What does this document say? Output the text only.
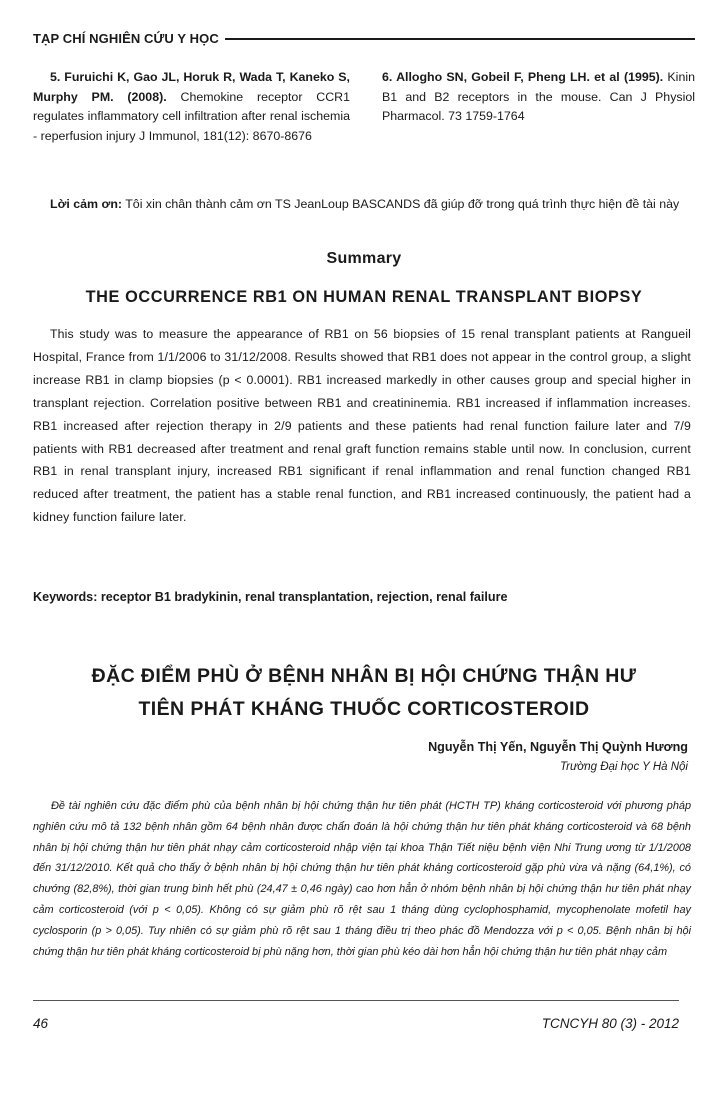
TẠP CHÍ NGHIÊN CỨU Y HỌC

5. Furuichi K, Gao JL, Horuk R, Wada T, Kaneko S, Murphy PM. (2008). Chemokine receptor CCR1 regulates inflammatory cell infiltration after renal ischemia - reperfusion injury J Immunol, 181(12): 8670-8676

6. Allogho SN, Gobeil F, Pheng LH. et al (1995). Kinin B1 and B2 receptors in the mouse. Can J Physiol Pharmacol. 73 1759-1764

Lời cảm ơn: Tôi xin chân thành cảm ơn TS JeanLoup BASCANDS đã giúp đỡ trong quá trình thực hiện đề tài này

Summary
THE OCCURRENCE RB1 ON HUMAN RENAL TRANSPLANT BIOPSY

This study was to measure the appearance of RB1 on 56 biopsies of 15 renal transplant patients at Rangueil Hospital, France from 1/1/2006 to 31/12/2008. Results showed that RB1 does not appear in the control group, a slight increase RB1 in clamp biopsies (p < 0.0001). RB1 increased markedly in other causes group and special higher in transplant rejection. Correlation positive between RB1 and creatininemia. RB1 increased if inflammation increases. RB1 increased after rejection therapy in 2/9 patients and these patients had renal function failure later and 7/9 patients with RB1 decreased after treatment and renal graft function remains stable until now. In conclusion, current RB1 in renal transplant injury, increased RB1 significant if renal inflammation and renal function changed RB1 reduced after treatment, the patient has a stable renal function, and RB1 increased continuously, the patient had a kidney function failure later.

Keywords: receptor B1 bradykinin, renal transplantation, rejection, renal failure
ĐẶC ĐIỂM PHÙ Ở BỆNH NHÂN BỊ HỘI CHỨNG THẬN HƯ
TIÊN PHÁT KHÁNG THUỐC CORTICOSTEROID
Nguyễn Thị Yến, Nguyễn Thị Quỳnh Hương
Trường Đại học Y Hà Nội

Đề tài nghiên cứu đặc điểm phù của bệnh nhân bị hội chứng thận hư tiên phát (HCTH TP) kháng corticosteroid với phương pháp nghiên cứu mô tả 132 bệnh nhân gồm 64 bệnh nhân được chẩn đoán là hội chứng thận hư tiên phát kháng corticosteroid và 68 bệnh nhân bị hội chứng thận hư tiên phát nhạy cảm corticosteroid nhập viện tại khoa Thận Tiết niệu bệnh viện Nhi Trung ương từ 1/1/2008 đến 31/12/2010. Kết quả cho thấy ở bệnh nhân bị hội chứng thận hư tiên phát kháng corticosteroid gặp phù vừa và nặng (64,1%), có chướng (82,8%), thời gian trung bình hết phù (24,47 ± 0,46 ngày) cao hơn hẳn ở nhóm bệnh nhân bị hội chứng thận hư tiên phát nhạy cảm corticosteroid (với p < 0,05). Không có sự giảm phù rõ rệt sau 1 tháng dùng cyclophosphamid, mycophenolate mofetil hay cyclosporin (p > 0,05). Tuy nhiên có sự giảm phù rõ rệt sau 1 tháng điều trị theo phác đồ Mendozza với p < 0,05. Bệnh nhân bị hội chứng thận hư tiên phát kháng corticosteroid bị phù nặng hơn, thời gian phù kéo dài hơn hẳn hội chứng thận hư tiên phát nhạy cảm

46	TCNCYH 80 (3) - 2012
